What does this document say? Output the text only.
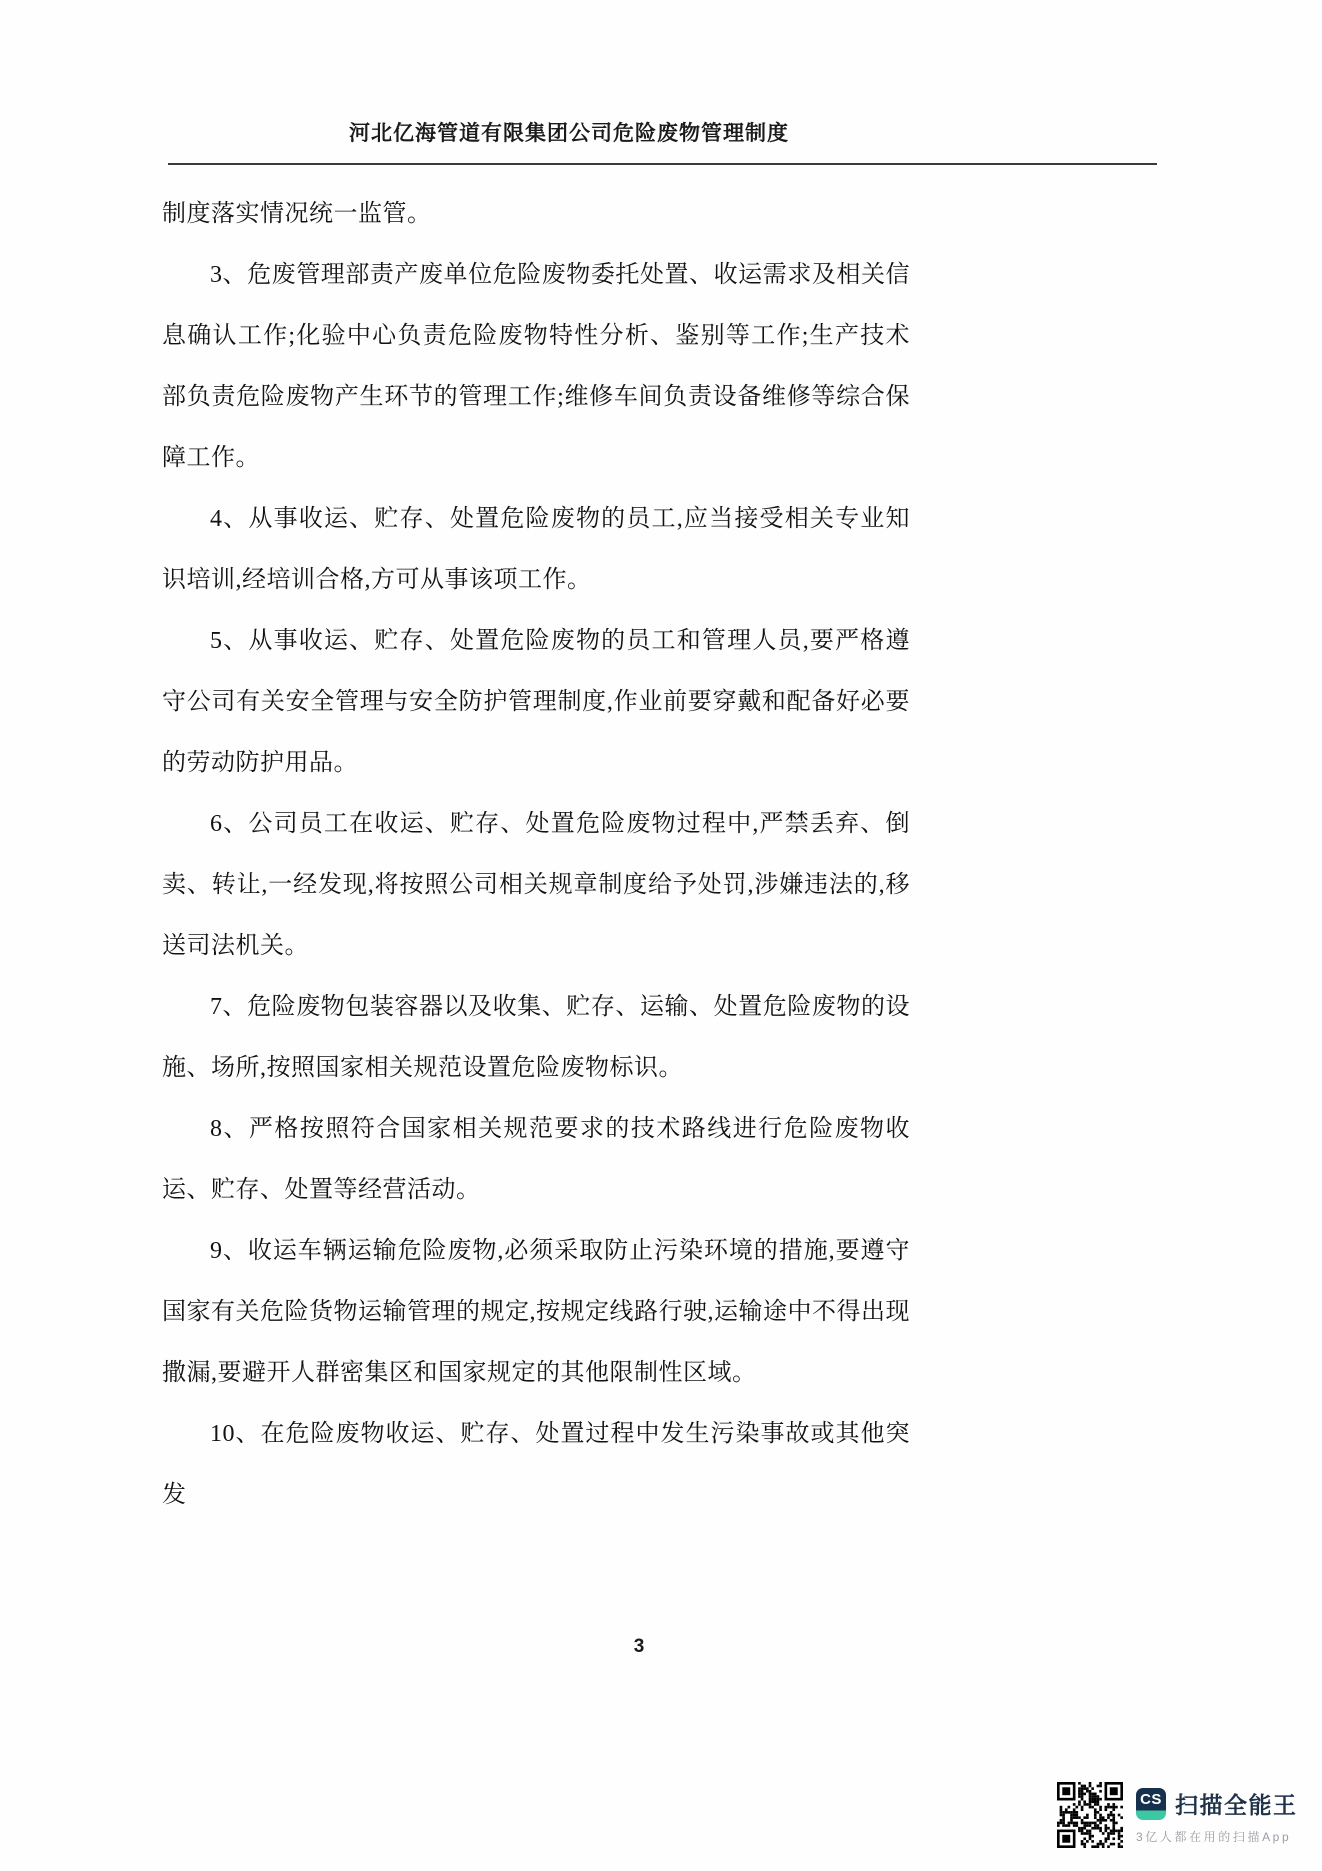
河北亿海管道有限集团公司危险废物管理制度

制度落实情况统一监管。

3、危废管理部责产废单位危险废物委托处置、收运需求及相关信息确认工作;化验中心负责危险废物特性分析、鉴别等工作;生产技术部负责危险废物产生环节的管理工作;维修车间负责设备维修等综合保障工作。

4、从事收运、贮存、处置危险废物的员工,应当接受相关专业知识培训,经培训合格,方可从事该项工作。

5、从事收运、贮存、处置危险废物的员工和管理人员,要严格遵守公司有关安全管理与安全防护管理制度,作业前要穿戴和配备好必要的劳动防护用品。

6、公司员工在收运、贮存、处置危险废物过程中,严禁丢弃、倒卖、转让,一经发现,将按照公司相关规章制度给予处罚,涉嫌违法的,移送司法机关。

7、危险废物包装容器以及收集、贮存、运输、处置危险废物的设施、场所,按照国家相关规范设置危险废物标识。

8、严格按照符合国家相关规范要求的技术路线进行危险废物收运、贮存、处置等经营活动。

9、收运车辆运输危险废物,必须采取防止污染环境的措施,要遵守国家有关危险货物运输管理的规定,按规定线路行驶,运输途中不得出现撒漏,要避开人群密集区和国家规定的其他限制性区域。

10、在危险废物收运、贮存、处置过程中发生污染事故或其他突发

3
CS 扫描全能王
3亿人都在用的扫描App
